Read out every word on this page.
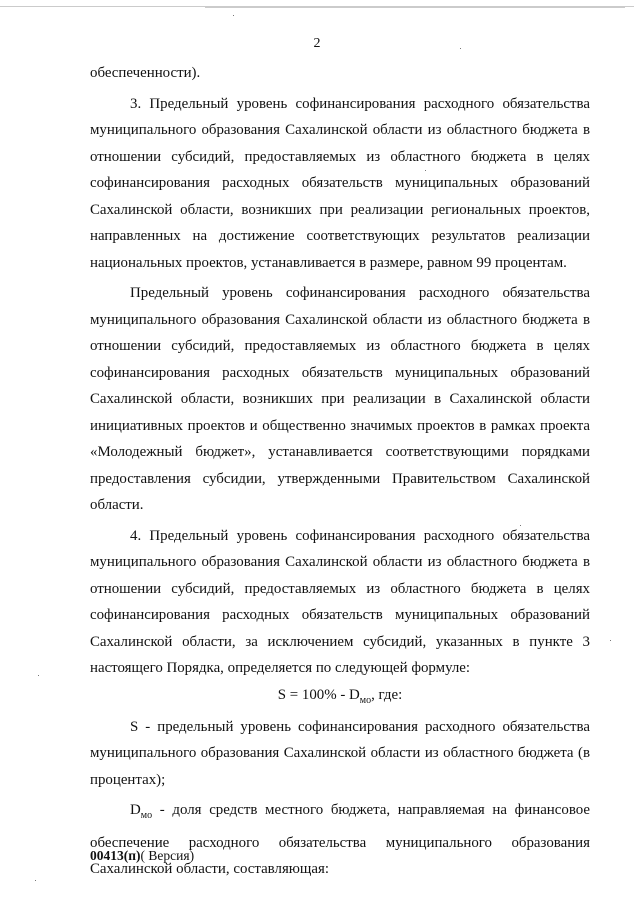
2

обеспеченности).

3. Предельный уровень софинансирования расходного обязательства муниципального образования Сахалинской области из областного бюджета в отношении субсидий, предоставляемых из областного бюджета в целях софинансирования расходных обязательств муниципальных образований Сахалинской области, возникших при реализации региональных проектов, направленных на достижение соответствующих результатов реализации национальных проектов, устанавливается в размере, равном 99 процентам.

Предельный уровень софинансирования расходного обязательства муниципального образования Сахалинской области из областного бюджета в отношении субсидий, предоставляемых из областного бюджета в целях софинансирования расходных обязательств муниципальных образований Сахалинской области, возникших при реализации в Сахалинской области инициативных проектов и общественно значимых проектов в рамках проекта «Молодежный бюджет», устанавливается соответствующими порядками предоставления субсидии, утвержденными Правительством Сахалинской области.

4. Предельный уровень софинансирования расходного обязательства муниципального образования Сахалинской области из областного бюджета в отношении субсидий, предоставляемых из областного бюджета в целях софинансирования расходных обязательств муниципальных образований Сахалинской области, за исключением субсидий, указанных в пункте 3 настоящего Порядка, определяется по следующей формуле:

$S = 100\% - D_{мо}$, где:

S - предельный уровень софинансирования расходного обязательства муниципального образования Сахалинской области из областного бюджета (в процентах);

$D_{мо}$ - доля средств местного бюджета, направляемая на финансовое обеспечение расходного обязательства муниципального образования Сахалинской области, составляющая:

00413(п)( Версия)
